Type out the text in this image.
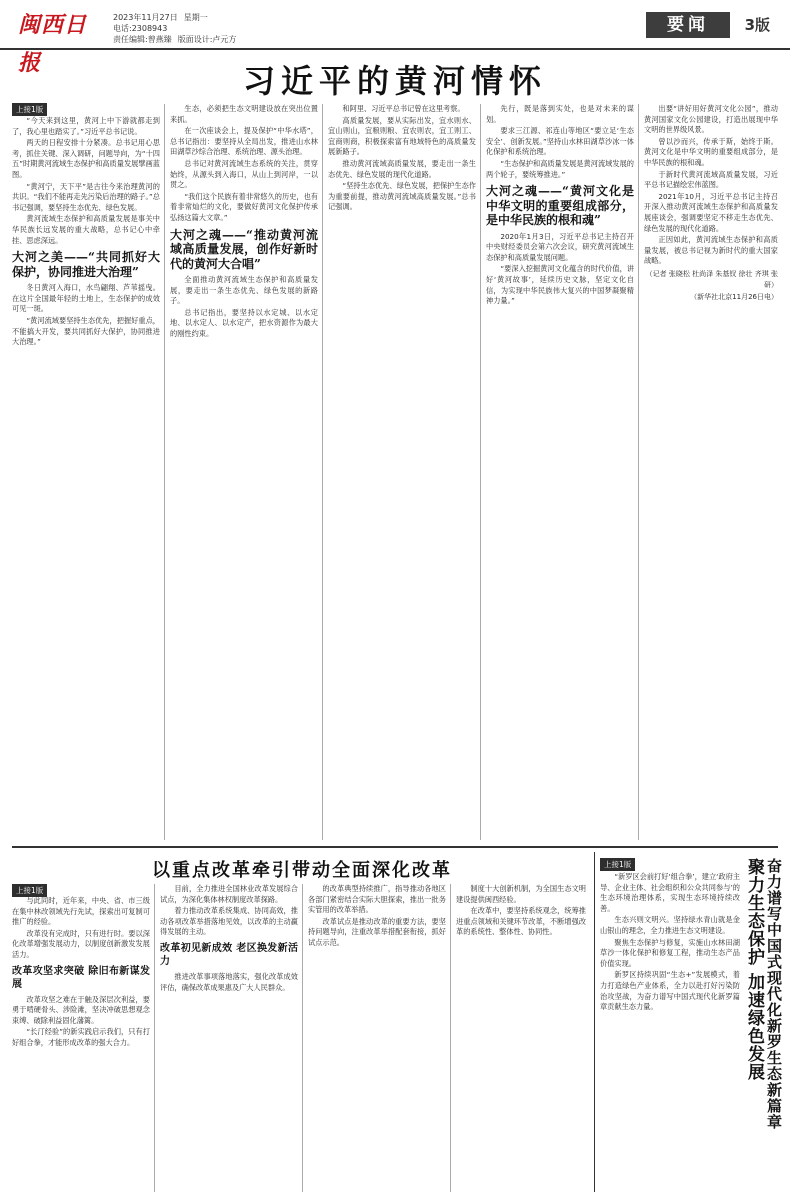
闽西日报
2023年11月27日 星期一
电话:2308943
责任编辑:曾燕臻 版面设计:卢元方
要闻	3版
习近平的黄河情怀
上接1版

“今天来到这里，黄河上中下游就都走到了，我心里也踏实了。”习近平总书记说。

两天的日程安排十分紧凑。总书记用心思考，抓住关键、深入调研，问题导向，为“十四五”时期黄河流域生态保护和高质量发展擘画蓝图。

“黄河宁，天下平”是古往今来治理黄河的共识。“我们不能再走先污染后治理的路子。”总书记强调，要坚持生态优先、绿色发展。

黄河流域生态保护和高质量发展是事关中华民族长远发展的重大战略，总书记心中牵挂、思虑深远。

大河之美——“共同抓好大保护，协同推进大治理”

冬日黄河入海口，水鸟翩翔、芦苇摇曳。在这片全国最年轻的土地上，生态保护的成效可见一斑。

“黄河流域要坚持生态优先，把握好重点，不能搞大开发，要共同抓好大保护，协同推进大治理。”

生态，必须把生态文明建设放在突出位置来抓。

在一次座谈会上，提及保护“中华水塔”，总书记指出：要坚持从全局出发，推进山水林田湖草沙综合治理、系统治理、源头治理。

总书记对黄河流域生态系统的关注，贯穿始终，从源头到入海口，从山上到河岸，一以贯之。

“我们这个民族有着非常悠久的历史，也有着非常灿烂的文化，要做好黄河文化保护传承弘扬这篇大文章。”

大河之魂——“推动黄河流域高质量发展，创作好新时代的黄河大合唱”

全面推动黄河流域生态保护和高质量发展，要走出一条生态优先、绿色发展的新路子。

总书记指出，要坚持以水定城、以水定地、以水定人、以水定产，把水资源作为最大的刚性约束。

和阿里、习近平总书记曾在这里考察。

高质量发展，要从实际出发，宜水则水、宜山则山，宜粮则粮、宜农则农，宜工则工、宜商则商，积极探索富有地域特色的高质量发展新路子。

推动黄河流域高质量发展，要走出一条生态优先、绿色发展的现代化道路。

“坚持生态优先、绿色发展，把保护生态作为重要前提，推动黄河流域高质量发展。”总书记强调。

先行，既是落到实处，也是对未来的谋划。

要求三江源、祁连山等地区“要立足‘生态安全’、创新发展。”坚持山水林田湖草沙冰一体化保护和系统治理。

“生态保护和高质量发展是黄河流域发展的两个轮子，要统筹推进。”

大河之魂——“黄河文化是中华文明的重要组成部分，是中华民族的根和魂”

2020年1月3日，习近平总书记主持召开中央财经委员会第六次会议，研究黄河流域生态保护和高质量发展问题。

“要深入挖掘黄河文化蕴含的时代价值，讲好‘黄河故事’，延续历史文脉，坚定文化自信，为实现中华民族伟大复兴的中国梦凝聚精神力量。”

出要“讲好用好黄河文化公园”，推动黄河国家文化公园建设，打造出展现中华文明的世界级风景。

曾以沙而兴，传承于斯，始终于斯。黄河文化是中华文明的重要组成部分，是中华民族的根和魂。

于新时代黄河流域高质量发展，习近平总书记描绘宏伟蓝图。

2021年10月，习近平总书记主持召开深入推动黄河流域生态保护和高质量发展座谈会，强调要坚定不移走生态优先、绿色发展的现代化道路。

正因如此，黄河流域生态保护和高质量发展，被总书记视为新时代的重大国家战略。

（记者 张晓松 杜尚泽 朱基钗 徐壮 齐琪 张研）
（新华社北京11月26日电）
以重点改革牵引带动全面深化改革
上接1版

与此同时，近年来，中央、省、市三级在集中林改领域先行先试，探索出可复制可推广的经验。

改革没有完成时，只有进行时。要以深化改革增强发展动力，以制度创新激发发展活力。

改革攻坚求突破 除旧布新谋发展

改革攻坚之难在于触及深层次利益，要勇于啃硬骨头、涉险滩，坚决冲破思想观念束缚、破除利益固化藩篱。

“长汀经验”的新实践启示我们，只有打好组合拳，才能形成改革的强大合力。

目前，全力推进全国林业改革发展综合试点，为深化集体林权制度改革探路。

着力推动改革系统集成、协同高效，推动各项改革举措落地见效，以改革的主动赢得发展的主动。

改革初见新成效 老区换发新活力

推进改革事项落地落实，强化改革成效评估，确保改革成果惠及广大人民群众。

的改革典型持续推广，指导推动各地区各部门紧密结合实际大胆探索，推出一批务实管用的改革举措。

改革试点是推动改革的重要方法，要坚持问题导向，注重改革举措配套衔接，抓好试点示范。

制度十大创新机制，为全国生态文明建设提供闽西经验。

在改革中，要坚持系统观念，统筹推进重点领域和关键环节改革，不断增强改革的系统性、整体性、协同性。

上接1版

“新罗区会前打好‘组合拳’，建立‘政府主导、企业主体、社会组织和公众共同参与’的生态环境治理体系，实现生态环境持续改善。

生态兴则文明兴。坚持绿水青山就是金山银山的理念，全力推进生态文明建设。

聚焦生态保护与修复，实施山水林田湖草沙一体化保护和修复工程，推动生态产品价值实现。

新罗区持续巩固“生态+”发展模式，着力打造绿色产业体系，全力以赴打好污染防治攻坚战，为奋力谱写中国式现代化新罗篇章贡献生态力量。	聚力生态保护 加速绿色发展 奋力谱写中国式现代化新罗生态新篇章
